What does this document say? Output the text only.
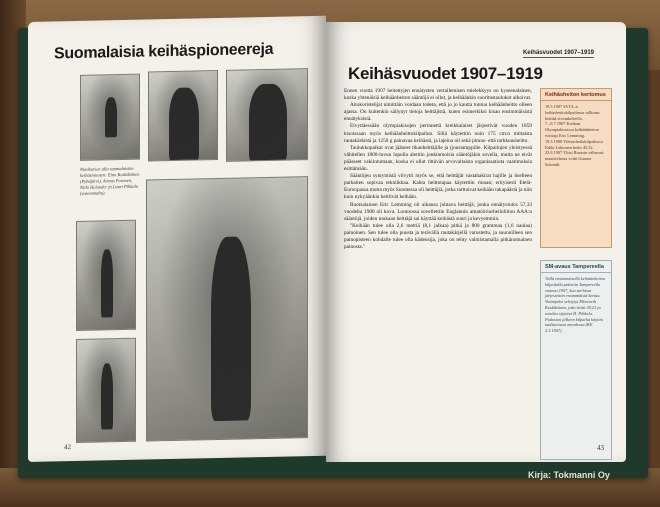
Suomalaisia keihäspioneereja
Nimikuvien alla suomalaisten keihäsmiesten: Eino Keskikäinen (Pyhäjärvi), Armas Pesonen, Niilo Helander ja Lauri Pihkala (vasemmalta).
42
Keihäsvuodet 1907–1919
Keihäsvuodet 1907–1919

Ennen vuotta 1907 heitettyjen ennätysten vertailemisen mielekkyys on kyseenalainen, koska yhtenäisiä keihäänheiton sääntöjä ei ollut, ja keihäänkin suoritustaulukot alkoivat.

Aitokoristelijat nimittäin voidaan todeta, että jo jo kautta tuntuu keihäänheitto olleen ajassa. On kuitenkin säilynyt tietoja heittäjistä, kuten esimerkiksi kisan ensimmäisistä ennätyksistä.

Elvyttäessään olympiakisojen perinnettä kreikkalaiset järjestivät vuoden 1859 kisoissaan myös keihäänheittokilpailun. Sillä käytettiin noin 175 cm:n mittaista rautakärkistä ja 1250 g painavaa keihästä, ja lajeina oli sekä pituus- että tarkkuusheitto.

Taulukkopaikat ovat jääneet tikanheittäjille ja (joustamppilie. Kilpailujen yleistyessä vähitellen 1800-luvun lopulla alettiin jonkinmoisia sääntöjäkin sovella, mutta ne eivät päässeet vakiintumaan, koska ei ollut rittävän arvovaltaista organisaatiota vaatimuksia esittämään.

Sääntöjen syntymistä vilvytti myös se, että heittäjät vastahakirat hajille ja itselleen parhaiten sopivaa tekniikkaa. Kahta heittotapaa käytettiin rinnan; erityisesti Etelä-Euroopassa mutta myös Suomessa oli heittäjiä, jotka tarttuivat keihään takapäästä ja niin kuin nykyäänkin heittivät keihään.

Ruotsalainen Eric Lemming oli aikansa johtava heittäjä, jonka ennätystulos 57,33 vuodelta 1908 oli kova. Lontoossa sovellettiin Englannin amatööriurheiluliiton AAA:n sääntöjä, joiden mukaan heittäjä sai käyttää keihästä suuri ja kevyemmin.

"Keihään tulee olla 2,6 metriä (8,1 jalkaa) pitkä ja 800 grammaa (1,6 naulaa) painoinen. Sen tulee olla puusta ja terävällä rautakärjellä varustettu, ja suunnilleen sen painopisteen kohdalle tulee olla kädensija, joka on tehty valmistamalla pitkänomainen painosta."

Keihäsheiton kertomus
19.5.1907 SVUL:n keihäsheittokilpailussa sallitaan heittää sivuaskeleella.
7.–8.7.1907 Kreikan Olympiakisoissa keihäänheiton voittaja Eric Lemming.
19.3.1908 Yleisurheilukilpailussa Erkki Lehtonen heitti 45,52.
23.8.1907 Ylitsi Ruotsin välisessä maaottelussa voitti Gunnar Schmidt.
SM-avaus Tampereella
Tällä ensimmäisellä keihäänheiton kilpailulla pidettiin Tampereella vuonna 1907, kun sm-kisat järjestettiin ensimmäistä kertaa.
Voittajaksi selviytyi Ellsworth Keskikäinen, joka heitti 39,23 ja toiseksi sijoittui H. Pihkala.
Pudoston jälkeen kilpailut käytiin uudistetussa muodossa (KE 2.3.1907).
43
Kirja: Tokmanni Oy
